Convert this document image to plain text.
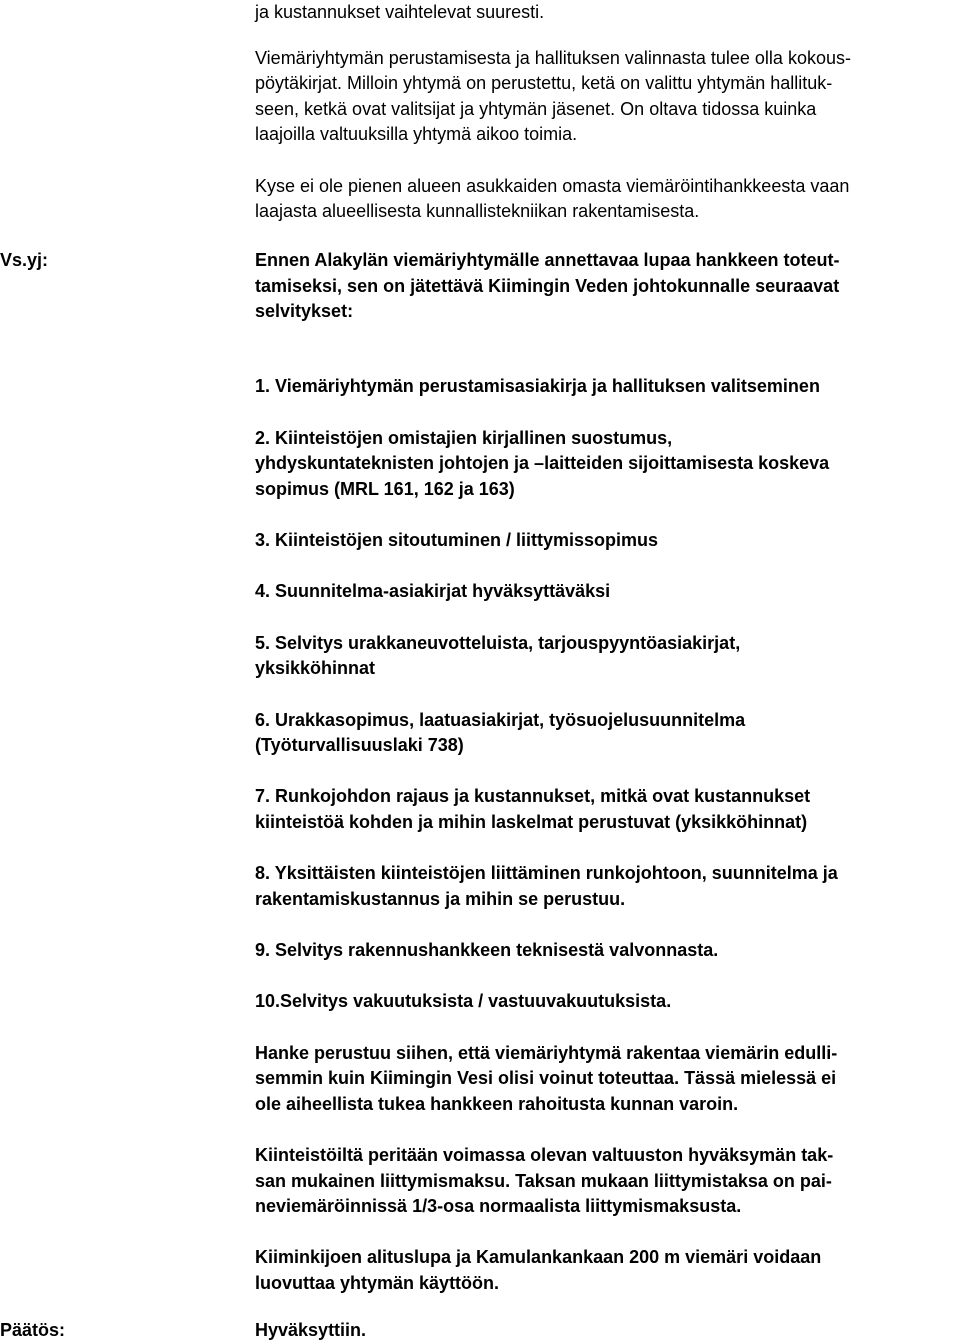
ja kustannukset vaihtelevat suuresti.
Viemäriyhtymän perustamisesta ja hallituksen valinnasta tulee olla kokous-
pöytäkirjat. Milloin yhtymä on perustettu, ketä on valittu yhtymän hallituk-
seen, ketkä ovat valitsijat ja yhtymän jäsenet. On oltava tidossa kuinka
laajoilla valtuuksilla yhtymä aikoo toimia.
Kyse ei ole pienen alueen asukkaiden omasta viemäröintihankkeesta vaan
laajasta alueellisesta kunnallistekniikan rakentamisesta.
Vs.yj:	Ennen Alakylän viemäriyhtymälle annettavaa lupaa hankkeen toteut-
tamiseksi, sen on jätettävä Kiimingin Veden johtokunnalle seuraavat
selvitykset:
1. Viemäriyhtymän perustamisasiakirja ja hallituksen valitseminen
2. Kiinteistöjen omistajien kirjallinen suostumus,
yhdyskuntateknisten johtojen ja –laitteiden sijoittamisesta koskeva
sopimus (MRL 161, 162 ja 163)
3. Kiinteistöjen sitoutuminen / liittymissopimus
4. Suunnitelma-asiakirjat hyväksyttäväksi
5. Selvitys urakkaneuvotteluista, tarjouspyyntöasiakirjat,
yksikköhinnat
6. Urakkasopimus, laatuasiakirjat, työsuojelusuunnitelma
(Työturvallisuuslaki 738)
7. Runkojohdon rajaus ja kustannukset, mitkä ovat kustannukset
kiinteistöä kohden ja mihin laskelmat perustuvat (yksikköhinnat)
8. Yksittäisten kiinteistöjen liittäminen runkojohtoon, suunnitelma ja
rakentamiskustannus ja mihin se perustuu.
9. Selvitys rakennushankkeen teknisestä valvonnasta.
10.Selvitys vakuutuksista / vastuuvakuutuksista.
Hanke perustuu siihen, että viemäriyhtymä rakentaa viemärin edulli-
semmin kuin Kiimingin Vesi olisi voinut toteuttaa. Tässä mielessä ei
ole aiheellista tukea hankkeen rahoitusta kunnan varoin.
Kiinteistöiltä peritään voimassa olevan valtuuston hyväksymän tak-
san mukainen liittymismaksu. Taksan mukaan liittymistaksa on pai-
neviemäröinnissä 1/3-osa normaalista liittymismaksusta.
Kiiminkijoen alituslupa ja Kamulankankaan 200 m viemäri voidaan
luovuttaa yhtymän käyttöön.
Päätös:	Hyväksyttiin.
